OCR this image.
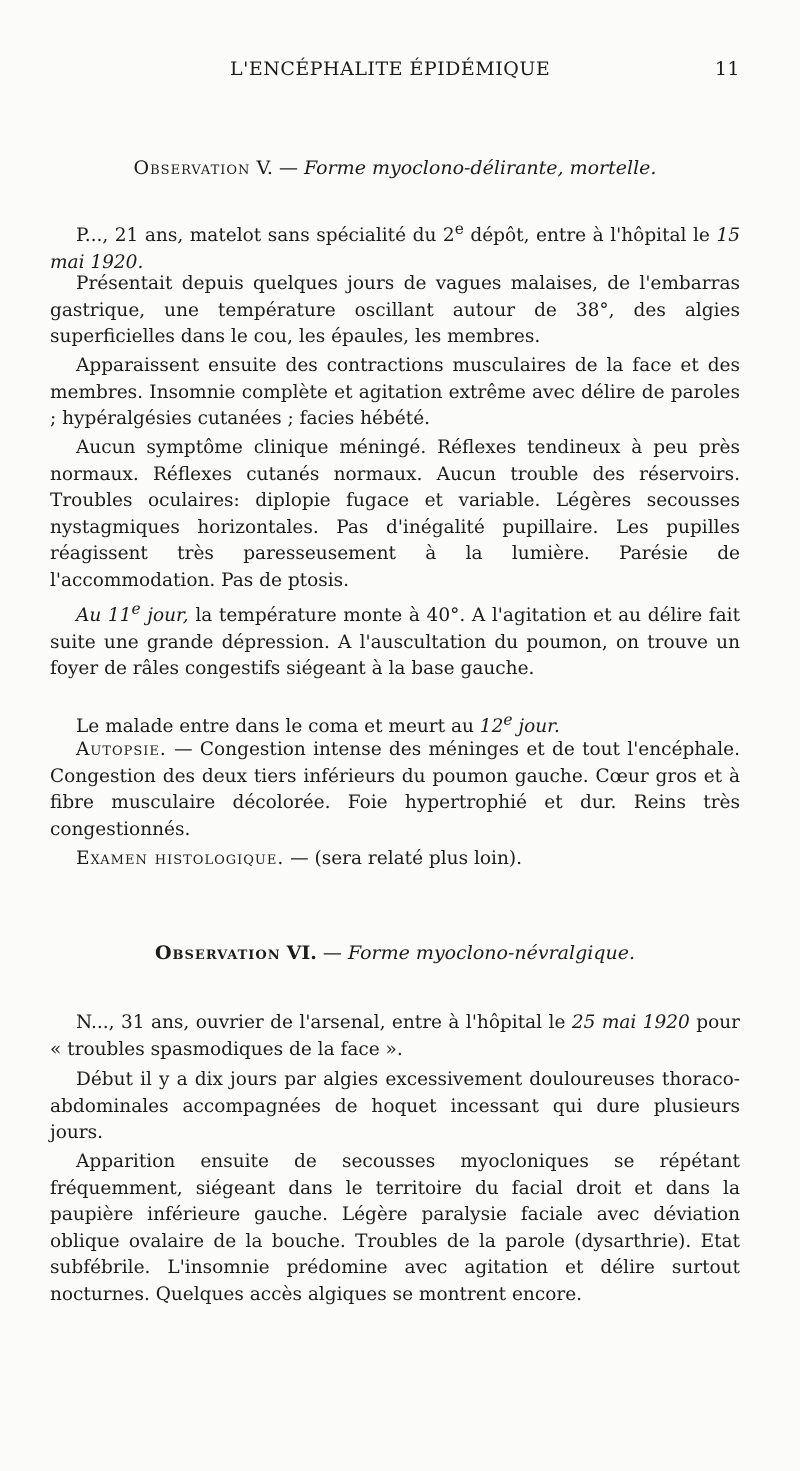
L'ENCÉPHALITE ÉPIDÉMIQUE	11
Observation V. — Forme myoclono-délirante, mortelle.
P..., 21 ans, matelot sans spécialité du 2e dépôt, entre à l'hôpital le 15 mai 1920.
Présentait depuis quelques jours de vagues malaises, de l'embarras gastrique, une température oscillant autour de 38°, des algies superficielles dans le cou, les épaules, les membres.
Apparaissent ensuite des contractions musculaires de la face et des membres. Insomnie complète et agitation extrême avec délire de paroles ; hypéralgésies cutanées ; facies hébété.
Aucun symptôme clinique méningé. Réflexes tendineux à peu près normaux. Réflexes cutanés normaux. Aucun trouble des réservoirs. Troubles oculaires: diplopie fugace et variable. Légères secousses nystagmiques horizontales. Pas d'inégalité pupillaire. Les pupilles réagissent très paresseusement à la lumière. Parésie de l'accommodation. Pas de ptosis.
Au 11e jour, la température monte à 40°. A l'agitation et au délire fait suite une grande dépression. A l'auscultation du poumon, on trouve un foyer de râles congestifs siégeant à la base gauche.
Le malade entre dans le coma et meurt au 12e jour.
Autopsie. — Congestion intense des méninges et de tout l'encéphale. Congestion des deux tiers inférieurs du poumon gauche. Cœur gros et à fibre musculaire décolorée. Foie hypertrophié et dur. Reins très congestionnés.
Examen histologique. — (sera relaté plus loin).
Observation VI. — Forme myoclono-névralgique.
N..., 31 ans, ouvrier de l'arsenal, entre à l'hôpital le 25 mai 1920 pour « troubles spasmodiques de la face ».
Début il y a dix jours par algies excessivement douloureuses thoraco-abdominales accompagnées de hoquet incessant qui dure plusieurs jours.
Apparition ensuite de secousses myocloniques se répétant fréquemment, siégeant dans le territoire du facial droit et dans la paupière inférieure gauche. Légère paralysie faciale avec déviation oblique ovalaire de la bouche. Troubles de la parole (dysarthrie). Etat subfébrile. L'insomnie prédomine avec agitation et délire surtout nocturnes. Quelques accès algiques se montrent encore.
